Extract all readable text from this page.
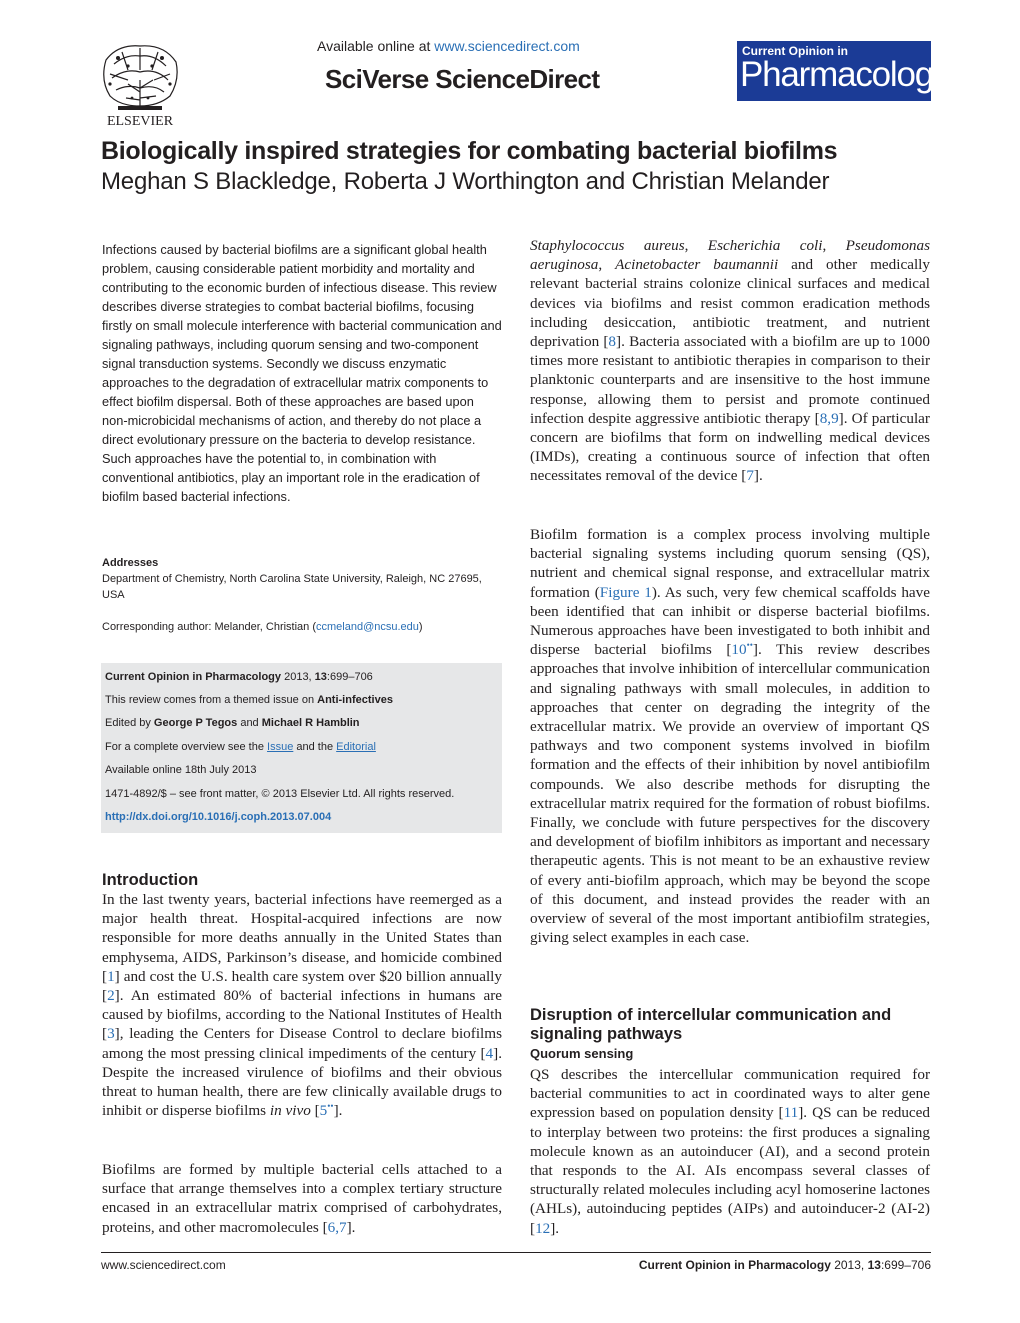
ELSEVIER
Available online at www.sciencedirect.com
SciVerse ScienceDirect
Current Opinion in
Pharmacology
Biologically inspired strategies for combating bacterial biofilms
Meghan S Blackledge, Roberta J Worthington and Christian Melander
Infections caused by bacterial biofilms are a significant global health problem, causing considerable patient morbidity and mortality and contributing to the economic burden of infectious disease. This review describes diverse strategies to combat bacterial biofilms, focusing firstly on small molecule interference with bacterial communication and signaling pathways, including quorum sensing and two-component signal transduction systems. Secondly we discuss enzymatic approaches to the degradation of extracellular matrix components to effect biofilm dispersal. Both of these approaches are based upon non-microbicidal mechanisms of action, and thereby do not place a direct evolutionary pressure on the bacteria to develop resistance. Such approaches have the potential to, in combination with conventional antibiotics, play an important role in the eradication of biofilm based bacterial infections.
Addresses
Department of Chemistry, North Carolina State University, Raleigh, NC 27695, USA
Corresponding author: Melander, Christian (ccmeland@ncsu.edu)
Current Opinion in Pharmacology 2013, 13:699–706
This review comes from a themed issue on Anti-infectives
Edited by George P Tegos and Michael R Hamblin
For a complete overview see the Issue and the Editorial
Available online 18th July 2013
1471-4892/$ – see front matter, © 2013 Elsevier Ltd. All rights reserved.
http://dx.doi.org/10.1016/j.coph.2013.07.004
Introduction
In the last twenty years, bacterial infections have reemerged as a major health threat. Hospital-acquired infections are now responsible for more deaths annually in the United States than emphysema, AIDS, Parkinson’s disease, and homicide combined [1] and cost the U.S. health care system over $20 billion annually [2]. An estimated 80% of bacterial infections in humans are caused by biofilms, according to the National Institutes of Health [3], leading the Centers for Disease Control to declare biofilms among the most pressing clinical impediments of the century [4]. Despite the increased virulence of biofilms and their obvious threat to human health, there are few clinically available drugs to inhibit or disperse biofilms in vivo [5••].
Biofilms are formed by multiple bacterial cells attached to a surface that arrange themselves into a complex tertiary structure encased in an extracellular matrix comprised of carbohydrates, proteins, and other macromolecules [6,7].
Staphylococcus aureus, Escherichia coli, Pseudomonas aeruginosa, Acinetobacter baumannii and other medically relevant bacterial strains colonize clinical surfaces and medical devices via biofilms and resist common eradication methods including desiccation, antibiotic treatment, and nutrient deprivation [8]. Bacteria associated with a biofilm are up to 1000 times more resistant to antibiotic therapies in comparison to their planktonic counterparts and are insensitive to the host immune response, allowing them to persist and promote continued infection despite aggressive antibiotic therapy [8,9]. Of particular concern are biofilms that form on indwelling medical devices (IMDs), creating a continuous source of infection that often necessitates removal of the device [7].
Biofilm formation is a complex process involving multiple bacterial signaling systems including quorum sensing (QS), nutrient and chemical signal response, and extracellular matrix formation (Figure 1). As such, very few chemical scaffolds have been identified that can inhibit or disperse bacterial biofilms. Numerous approaches have been investigated to both inhibit and disperse bacterial biofilms [10••]. This review describes approaches that involve inhibition of intercellular communication and signaling pathways with small molecules, in addition to approaches that center on degrading the integrity of the extracellular matrix. We provide an overview of important QS pathways and two component systems involved in biofilm formation and the effects of their inhibition by novel antibiofilm compounds. We also describe methods for disrupting the extracellular matrix required for the formation of robust biofilms. Finally, we conclude with future perspectives for the discovery and development of biofilm inhibitors as important and necessary therapeutic agents. This is not meant to be an exhaustive review of every anti-biofilm approach, which may be beyond the scope of this document, and instead provides the reader with an overview of several of the most important antibiofilm strategies, giving select examples in each case.
Disruption of intercellular communication and signaling pathways
Quorum sensing
QS describes the intercellular communication required for bacterial communities to act in coordinated ways to alter gene expression based on population density [11]. QS can be reduced to interplay between two proteins: the first produces a signaling molecule known as an autoinducer (AI), and a second protein that responds to the AI. AIs encompass several classes of structurally related molecules including acyl homoserine lactones (AHLs), autoinducing peptides (AIPs) and autoinducer-2 (AI-2) [12].
www.sciencedirect.com	Current Opinion in Pharmacology 2013, 13:699–706
